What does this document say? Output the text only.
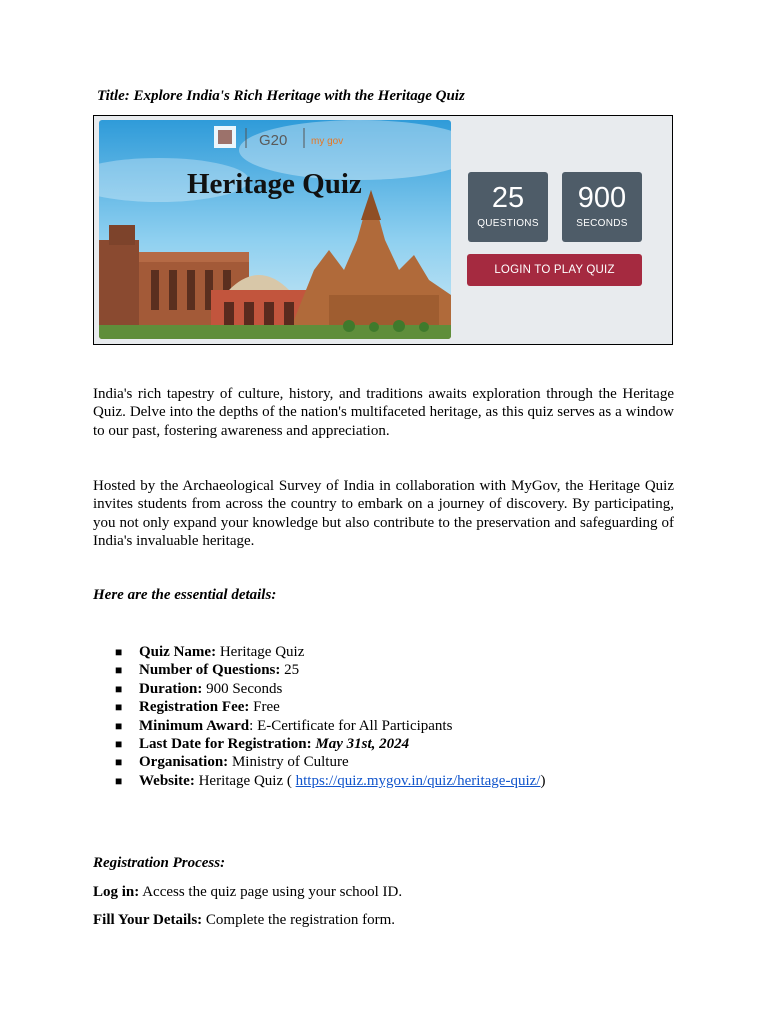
Title: Explore India's Rich Heritage with the Heritage Quiz
G20 my gov
Heritage Quiz	25
QUESTIONS
900
SECONDS
LOGIN TO PLAY QUIZ

India's rich tapestry of culture, history, and traditions awaits exploration through the Heritage Quiz. Delve into the depths of the nation's multifaceted heritage, as this quiz serves as a window to our past, fostering awareness and appreciation.

Hosted by the Archaeological Survey of India in collaboration with MyGov, the Heritage Quiz invites students from across the country to embark on a journey of discovery. By participating, you not only expand your knowledge but also contribute to the preservation and safeguarding of India's invaluable heritage.

Here are the essential details:
■ Quiz Name: Heritage Quiz
■ Number of Questions: 25
■ Duration: 900 Seconds
■ Registration Fee: Free
■ Minimum Award: E-Certificate for All Participants
■ Last Date for Registration: May 31st, 2024
■ Organisation: Ministry of Culture
■ Website: Heritage Quiz ( https://quiz.mygov.in/quiz/heritage-quiz/)
Registration Process:
Log in: Access the quiz page using your school ID.
Fill Your Details: Complete the registration form.
